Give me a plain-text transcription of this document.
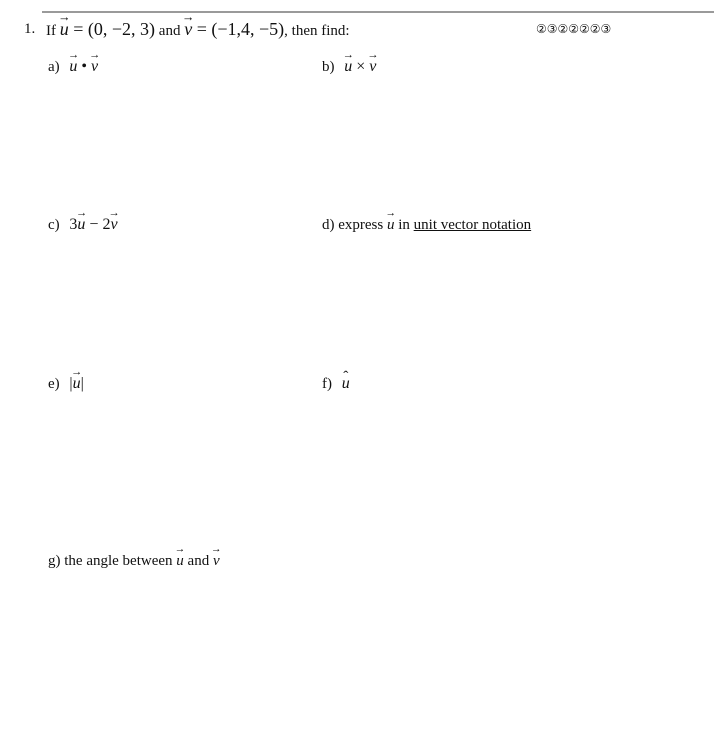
1. If → u = (0, −2, 3) and → v = (−1,4, −5), then find:	②③②②②②③
a) → u • → v	b) → u × → v
c) 3→ u − 2→ v	d) express → u in unit vector notation
e) |→ u|	f) ˆ u
g) the angle between → u and → v
